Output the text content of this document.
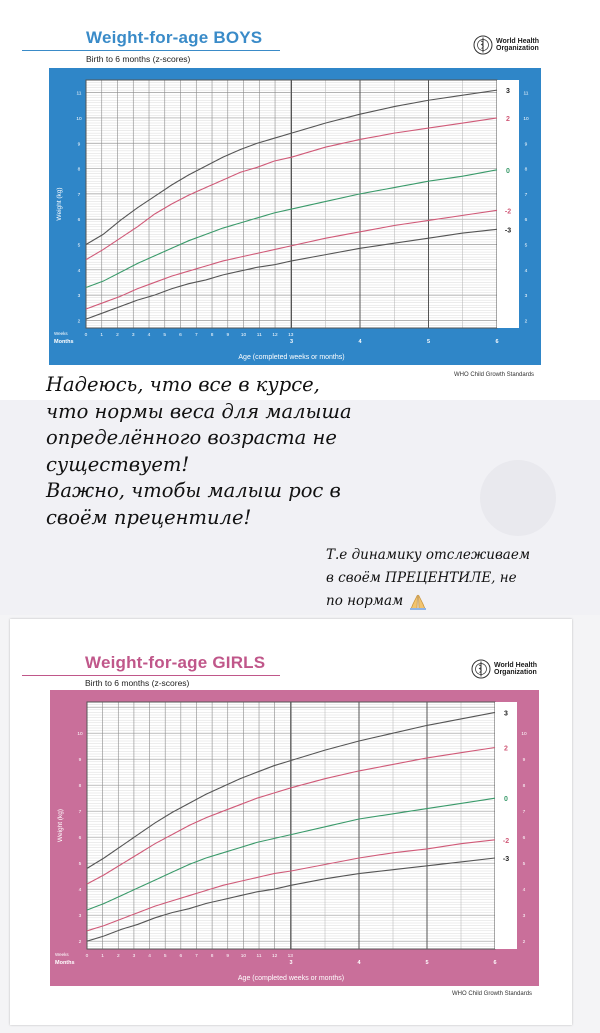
Weight-for-age BOYS
Birth to 6 months (z-scores)
World Health
Organization
0	1	2	3	4	5	6	7	8	9 10 11 12 13
3	4	5	6
2	2
3	3
4	4
5	5
6	6
7	7
8	8
9	9
10	10
11	11
3
2
0
-2
-3
Weeks
Months
Age (completed weeks or months)
Weight (kg)
WHO Child Growth Standards
Надеюсь, что все в курсе,
что нормы веса для малыша
определённого возраста не
существует!
Важно, чтобы малыш рос в
своём прецентиле!
Т.е динамику отслеживаем
в своём ПРЕЦЕНТИЛЕ, не
по нормам
Weight-for-age GIRLS
Birth to 6 months (z-scores)
World Health
Organization
0	1	2	3	4	5	6	7	8	9 10 11 12 13
3	4	5	6
2	2
3	3
4	4
5	5
6	6
7	7
8	8
9	9
10	10
3
2
0
-2
-3
Weeks
Months
Age (completed weeks or months)
Weight (kg)
WHO Child Growth Standards
